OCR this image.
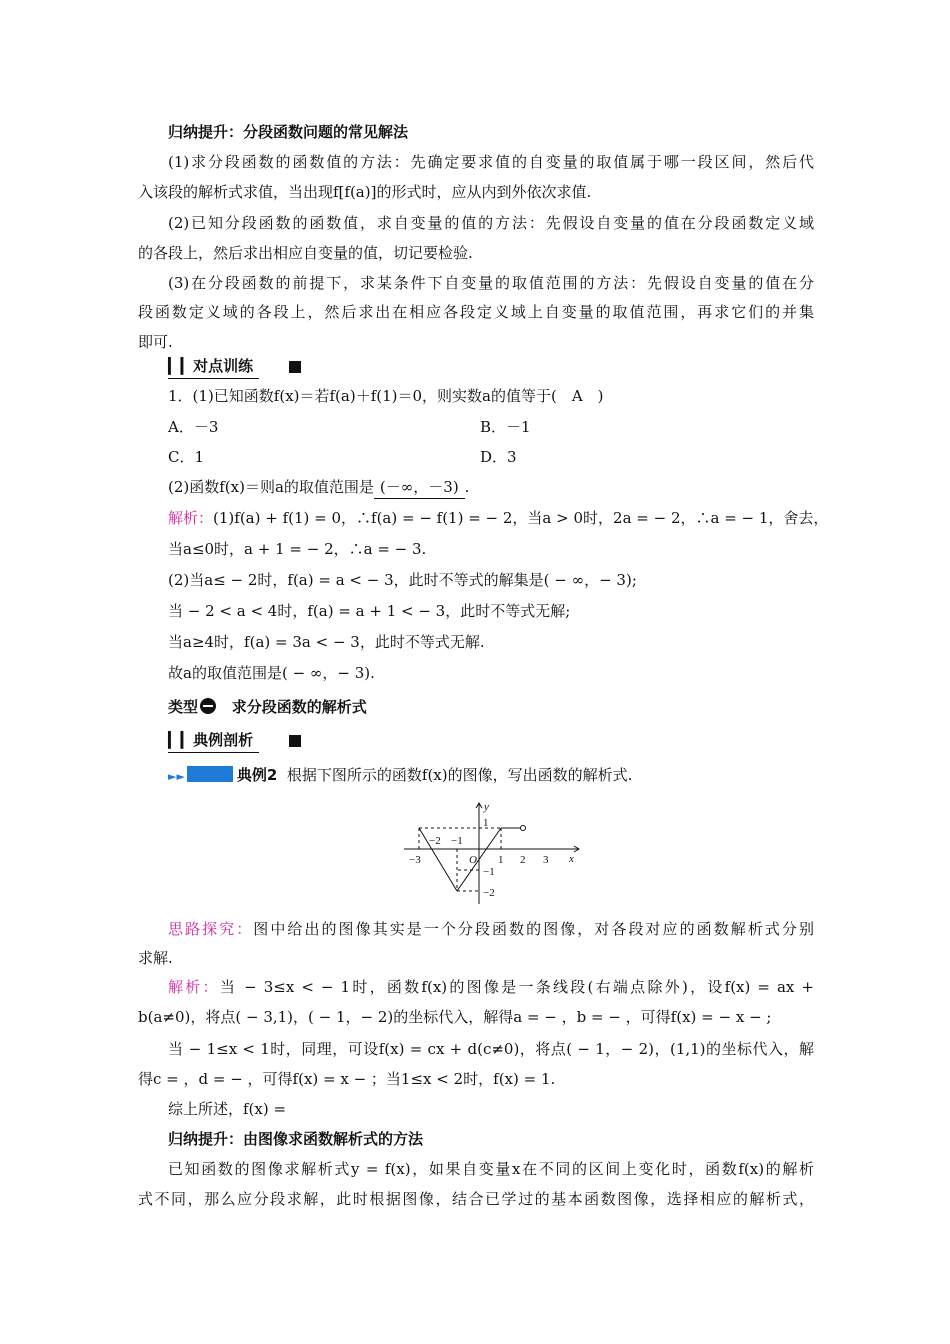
归纳提升：分段函数问题的常见解法
(1)求分段函数的函数值的方法：先确定要求值的自变量的取值属于哪一段区间，然后代
入该段的解析式求值，当出现f[f(a)]的形式时，应从内到外依次求值.
(2)已知分段函数的函数值，求自变量的值的方法：先假设自变量的值在分段函数定义域
的各段上，然后求出相应自变量的值，切记要检验.
(3)在分段函数的前提下，求某条件下自变量的取值范围的方法：先假设自变量的值在分
段函数定义域的各段上，然后求出在相应各段定义域上自变量的取值范围，再求它们的并集
即可.
▎▎对点训练
1．(1)已知函数f(x)＝若f(a)＋f(1)＝0，则实数a的值等于(　A　)
A．－3	B．－1
C．1	D．3
(2)函数f(x)＝则a的取值范围是 (－∞，－3) .
解析：(1)f(a) + f(1) = 0，∴f(a) = − f(1) = − 2，当a > 0时，2a = − 2，∴a = − 1，舍去，
当a≤0时，a + 1 = − 2，∴a = − 3.
(2)当a≤ − 2时，f(a) = a < − 3，此时不等式的解集是( − ∞，− 3);
当 − 2 < a < 4时，f(a) = a + 1 < − 3，此时不等式无解;
当a≥4时，f(a) = 3a < − 3，此时不等式无解.
故a的取值范围是( − ∞，− 3).
类型 求分段函数的解析式
▎▎典例剖析
►►	典例2 根据下图所示的函数f(x)的图像，写出函数的解析式.
y
x
O
−3
−2 −1
1 2 3
1
−1
−2
思路探究：图中给出的图像其实是一个分段函数的图像，对各段对应的函数解析式分别
求解.
解析：当 − 3≤x < − 1时，函数f(x)的图像是一条线段(右端点除外)，设f(x) = ax +
b(a≠0)，将点( − 3,1)，( − 1，− 2)的坐标代入，解得a = − ，b = − ，可得f(x) = − x − ;
当 − 1≤x < 1时，同理，可设f(x) = cx + d(c≠0)，将点( − 1，− 2)，(1,1)的坐标代入，解
得c = ，d = − ，可得f(x) = x − ；当1≤x < 2时，f(x) = 1.
综上所述，f(x) =
归纳提升：由图像求函数解析式的方法
已知函数的图像求解析式y = f(x)，如果自变量x在不同的区间上变化时，函数f(x)的解析
式不同，那么应分段求解，此时根据图像，结合已学过的基本函数图像，选择相应的解析式，
